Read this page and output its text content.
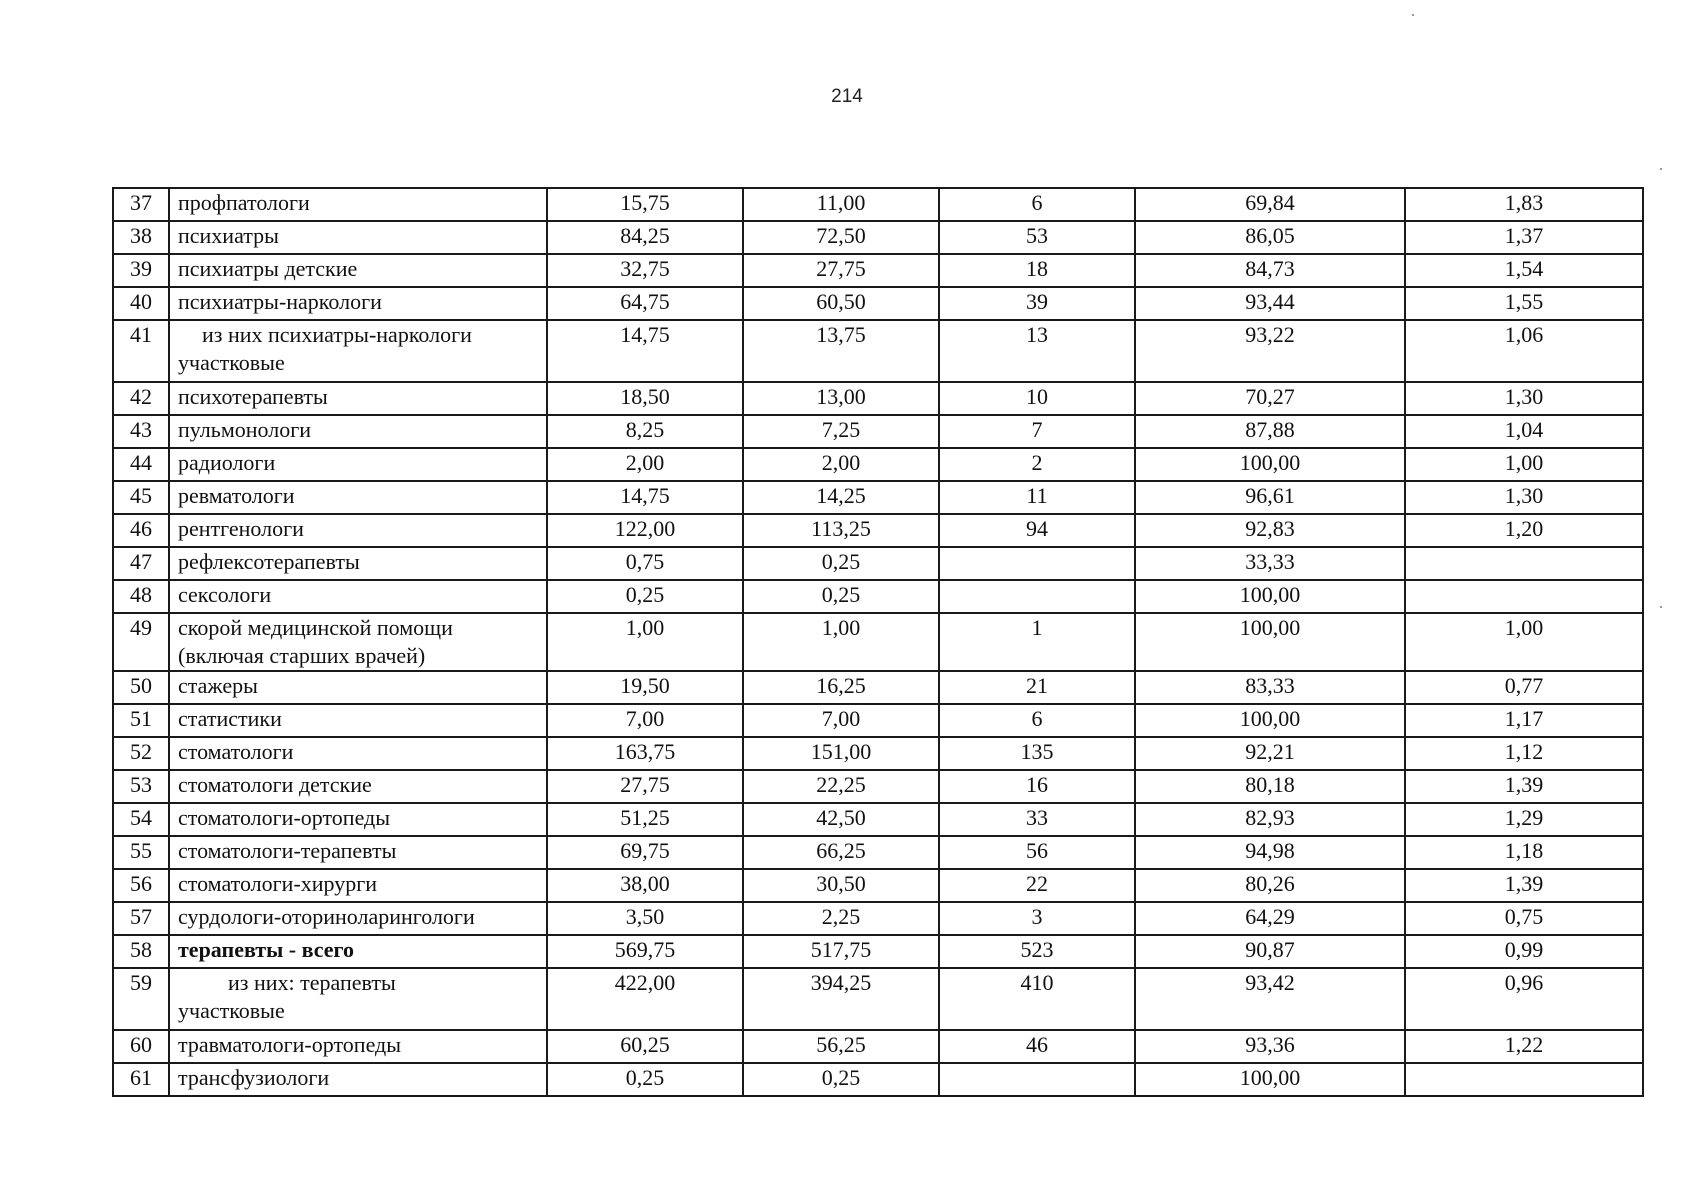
214
37	профпатологи	15,75	11,00	6	69,84	1,83
38	психиатры	84,25	72,50	53	86,05	1,37
39	психиатры детские	32,75	27,75	18	84,73	1,54
40	психиатры-наркологи	64,75	60,50	39	93,44	1,55
41	из них психиатры-наркологи
участковые	14,75	13,75	13	93,22	1,06
42	психотерапевты	18,50	13,00	10	70,27	1,30
43	пульмонологи	8,25	7,25	7	87,88	1,04
44	радиологи	2,00	2,00	2	100,00	1,00
45	ревматологи	14,75	14,25	11	96,61	1,30
46	рентгенологи	122,00	113,25	94	92,83	1,20
47	рефлексотерапевты	0,75	0,25		33,33	
48	сексологи	0,25	0,25		100,00	
49	скорой медицинской помощи
(включая старших врачей)	1,00	1,00	1	100,00	1,00
50	стажеры	19,50	16,25	21	83,33	0,77
51	статистики	7,00	7,00	6	100,00	1,17
52	стоматологи	163,75	151,00	135	92,21	1,12
53	стоматологи детские	27,75	22,25	16	80,18	1,39
54	стоматологи-ортопеды	51,25	42,50	33	82,93	1,29
55	стоматологи-терапевты	69,75	66,25	56	94,98	1,18
56	стоматологи-хирурги	38,00	30,50	22	80,26	1,39
57	сурдологи-оториноларингологи	3,50	2,25	3	64,29	0,75
58	терапевты - всего	569,75	517,75	523	90,87	0,99
59	из них: терапевты
участковые	422,00	394,25	410	93,42	0,96
60	травматологи-ортопеды	60,25	56,25	46	93,36	1,22
61	трансфузиологи	0,25	0,25		100,00	
